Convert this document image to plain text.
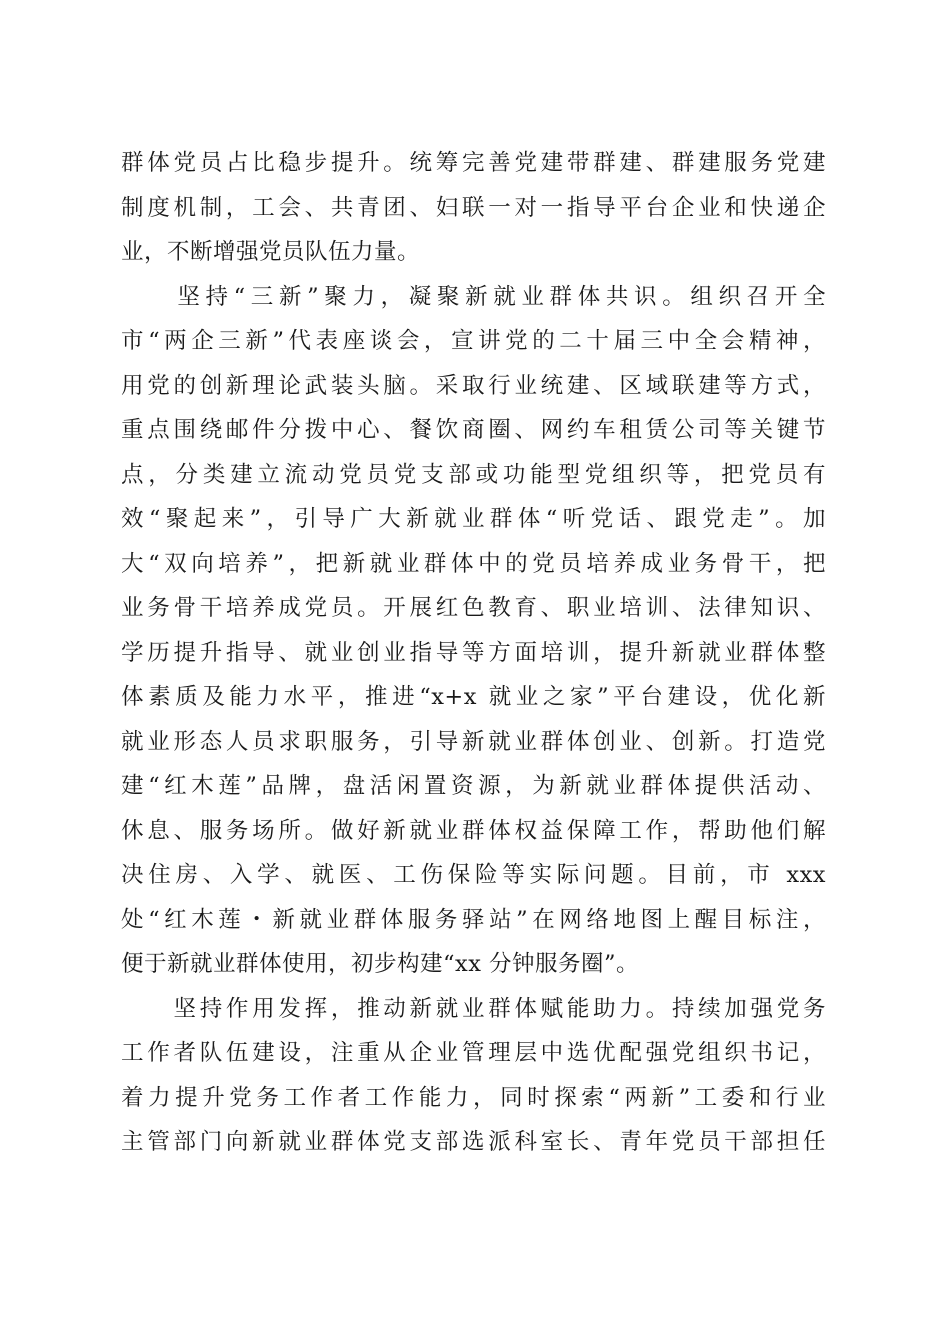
群体党员占比稳步提升。统筹完善党建带群建、群建服务党建
制度机制，工会、共青团、妇联一对一指导平台企业和快递企
业，不断增强党员队伍力量。
　　坚持“三新”聚力，凝聚新就业群体共识。组织召开全
市“两企三新”代表座谈会，宣讲党的二十届三中全会精神，
用党的创新理论武装头脑。采取行业统建、区域联建等方式，
重点围绕邮件分拨中心、餐饮商圈、网约车租赁公司等关键节
点，分类建立流动党员党支部或功能型党组织等，把党员有
效“聚起来”，引导广大新就业群体“听党话、跟党走”。加
大“双向培养”，把新就业群体中的党员培养成业务骨干，把
业务骨干培养成党员。开展红色教育、职业培训、法律知识、
学历提升指导、就业创业指导等方面培训，提升新就业群体整
体素质及能力水平，推进“x+x 就业之家”平台建设，优化新
就业形态人员求职服务，引导新就业群体创业、创新。打造党
建“红木莲”品牌，盘活闲置资源，为新就业群体提供活动、
休息、服务场所。做好新就业群体权益保障工作，帮助他们解
决住房、入学、就医、工伤保险等实际问题。目前，市 xxx
处“红木莲・新就业群体服务驿站”在网络地图上醒目标注，
便于新就业群体使用，初步构建“xx 分钟服务圈”。
　　坚持作用发挥，推动新就业群体赋能助力。持续加强党务
工作者队伍建设，注重从企业管理层中选优配强党组织书记，
着力提升党务工作者工作能力，同时探索“两新”工委和行业
主管部门向新就业群体党支部选派科室长、青年党员干部担任
